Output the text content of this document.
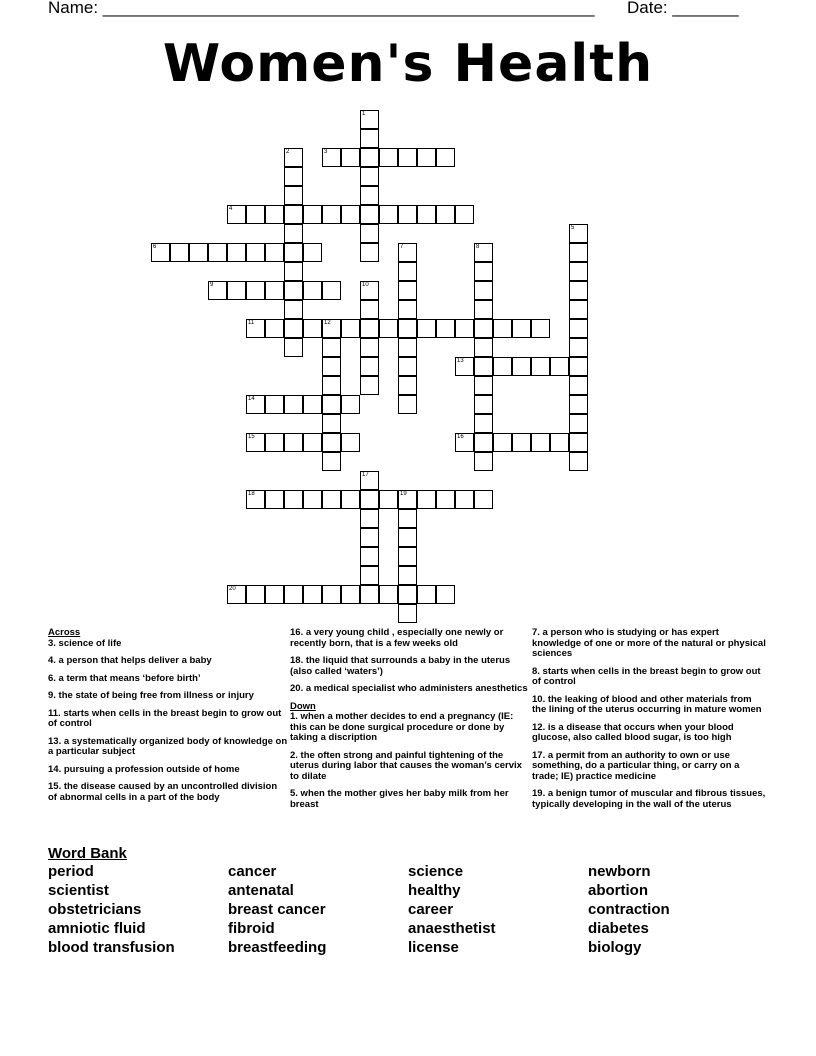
Name: ____________________________________________________ Date: _______
Women's Health
1
2	3
4
5
6	7	8
9	10
11	12
13
14
15	16
17
18	19
20
Across
3. science of life
4. a person that helps deliver a baby
6. a term that means ‘before birth’
9. the state of being free from illness or injury
11. starts when cells in the breast begin to grow out of control
13. a systematically organized body of knowledge on a particular subject
14. pursuing a profession outside of home
15. the disease caused by an uncontrolled division of abnormal cells in a part of the body
16. a very young child , especially one newly or recently born, that is a few weeks old
18. the liquid that surrounds a baby in the uterus (also called ‘waters’)
20. a medical specialist who administers anesthetics
Down
1. when a mother decides to end a pregnancy (IE: this can be done surgical procedure or done by taking a discription
2. the often strong and painful tightening of the uterus during labor that causes the woman’s cervix to dilate
5. when the mother gives her baby milk from her breast
7. a person who is studying or has expert knowledge of one or more of the natural or physical sciences
8. starts when cells in the breast begin to grow out of control
10. the leaking of blood and other materials from the lining of the uterus occurring in mature women
12. is a disease that occurs when your blood glucose, also called blood sugar, is too high
17. a permit from an authority to own or use something, do a particular thing, or carry on a trade; IE) practice medicine
19. a benign tumor of muscular and fibrous tissues, typically developing in the wall of the uterus
Word Bank
period
scientist
obstetricians
amniotic fluid
blood transfusion
cancer
antenatal
breast cancer
fibroid
breastfeeding
science
healthy
career
anaesthetist
license
newborn
abortion
contraction
diabetes
biology
